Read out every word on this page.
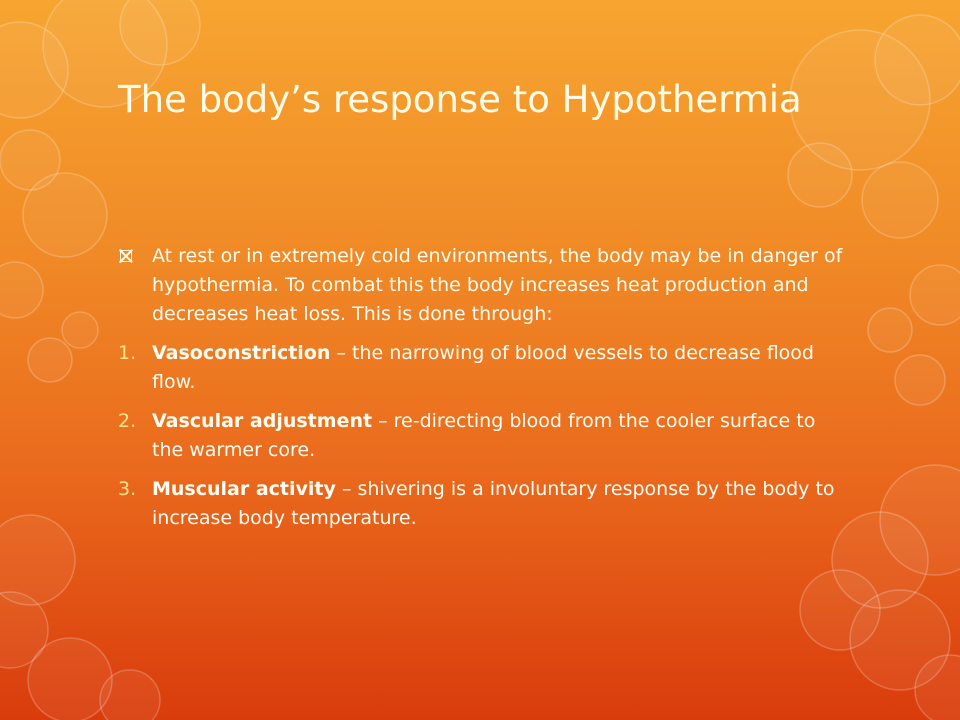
The body’s response to Hypothermia

At rest or in extremely cold environments, the body may be in danger of hypothermia. To combat this the body increases heat production and decreases heat loss. This is done through:

1. Vasoconstriction – the narrowing of blood vessels to decrease flood flow.
2. Vascular adjustment – re-directing blood from the cooler surface to the warmer core.
3. Muscular activity – shivering is a involuntary response by the body to increase body temperature.
